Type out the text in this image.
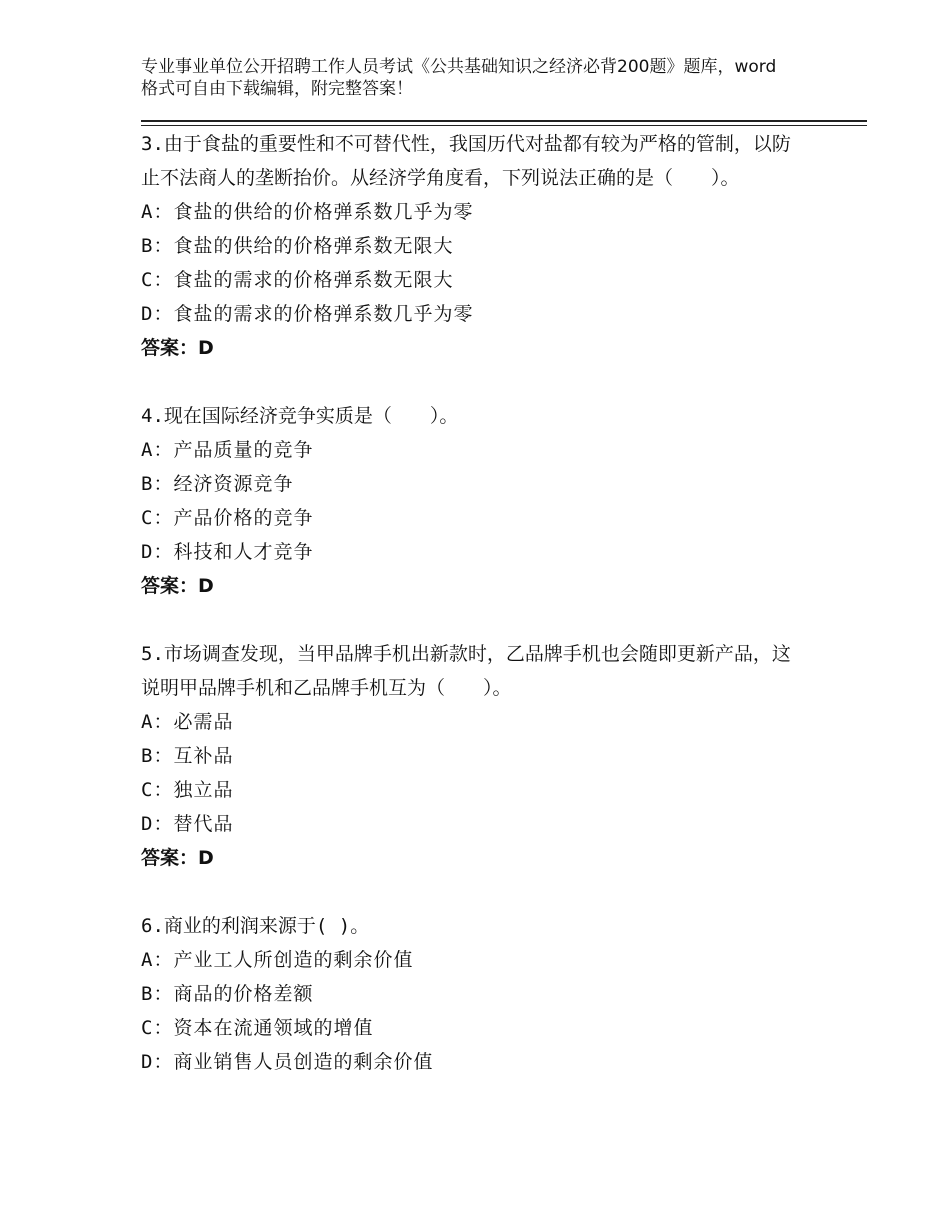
专业事业单位公开招聘工作人员考试《公共基础知识之经济必背200题》题库，word格式可自由下载编辑，附完整答案！
3.由于食盐的重要性和不可替代性，我国历代对盐都有较为严格的管制，以防止不法商人的垄断抬价。从经济学角度看，下列说法正确的是（　　）。
A：食盐的供给的价格弹系数几乎为零
B：食盐的供给的价格弹系数无限大
C：食盐的需求的价格弹系数无限大
D：食盐的需求的价格弹系数几乎为零
答案：D
4.现在国际经济竞争实质是（　　）。
A：产品质量的竞争
B：经济资源竞争
C：产品价格的竞争
D：科技和人才竞争
答案：D
5.市场调查发现，当甲品牌手机出新款时，乙品牌手机也会随即更新产品，这说明甲品牌手机和乙品牌手机互为（　　）。
A：必需品
B：互补品
C：独立品
D：替代品
答案：D
6.商业的利润来源于( )。
A：产业工人所创造的剩余价值
B：商品的价格差额
C：资本在流通领域的增值
D：商业销售人员创造的剩余价值
